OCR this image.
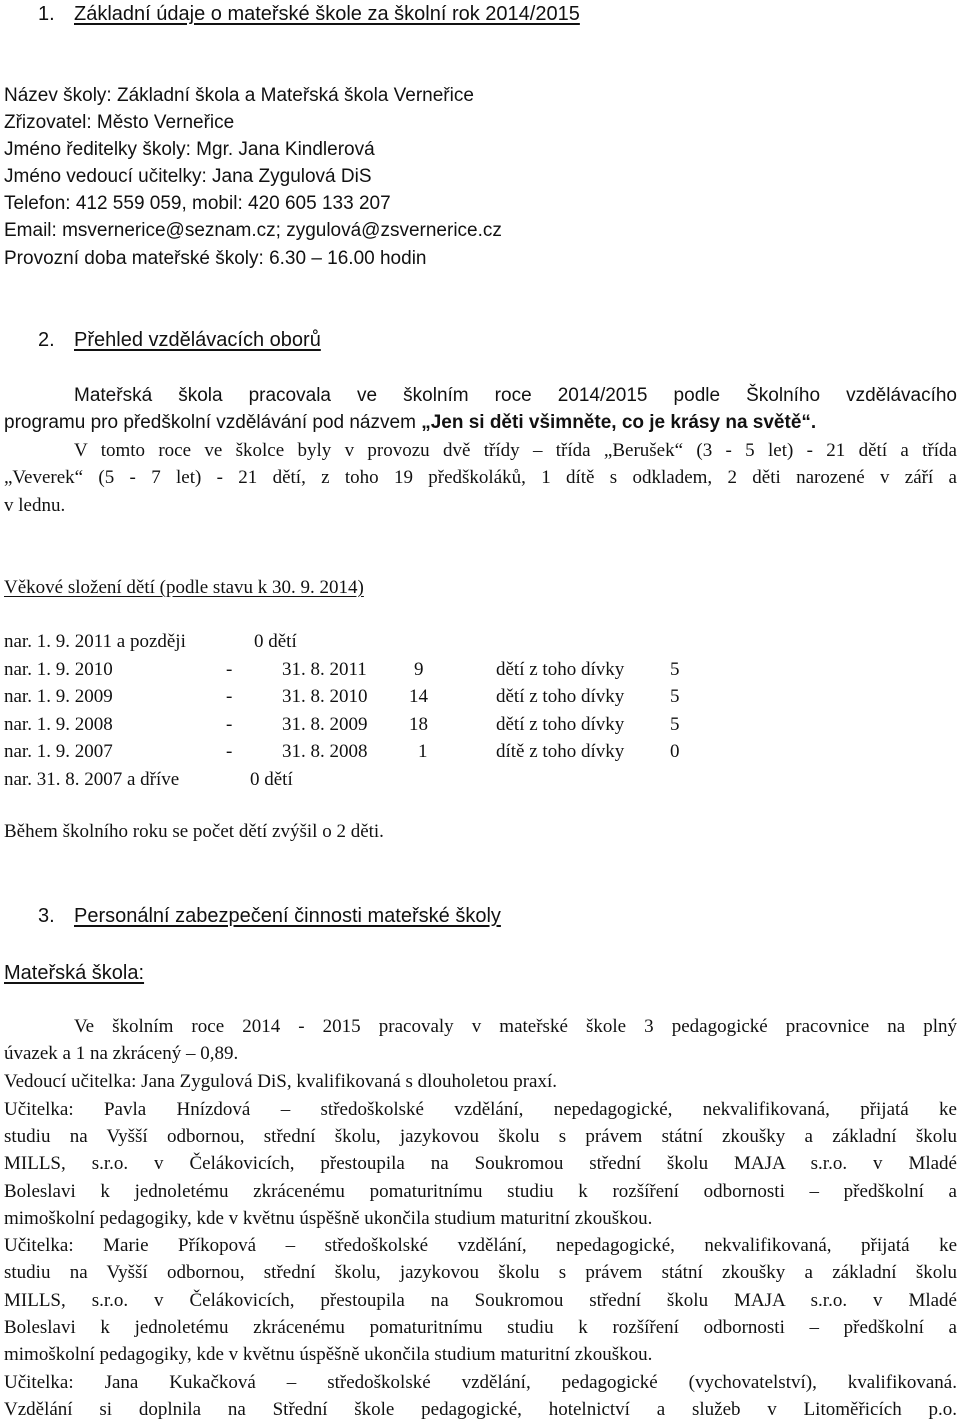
1. Základní údaje o mateřské škole za školní rok 2014/2015
Název školy: Základní škola a Mateřská škola Verneřice
Zřizovatel: Město Verneřice
Jméno ředitelky školy: Mgr. Jana Kindlerová
Jméno vedoucí učitelky: Jana Zygulová DiS
Telefon: 412 559 059, mobil: 420 605 133 207
Email: msvernerice@seznam.cz; zygulová@zsvernerice.cz
Provozní doba mateřské školy: 6.30 – 16.00 hodin
2. Přehled vzdělávacích oborů
Mateřská škola pracovala ve školním roce 2014/2015 podle Školního vzdělávacího
programu pro předškolní vzdělávání pod názvem „Jen si děti všimněte, co je krásy na světě“.
V tomto roce ve školce byly v provozu dvě třídy – třída „Berušek“ (3 - 5 let) - 21 dětí a třída
„Veverek“ (5 - 7 let) - 21 dětí, z toho 19 předškoláků, 1 dítě s odkladem, 2 děti narozené v září a
v lednu.
Věkové složení dětí (podle stavu k 30. 9. 2014)
nar. 1. 9. 2011 a později	0 dětí
nar. 1. 9. 2010	-	31. 8. 2011 9	dětí z toho dívky 5
nar. 1. 9. 2009	-	31. 8. 2010 14	dětí z toho dívky 5
nar. 1. 9. 2008	-	31. 8. 2009 18	dětí z toho dívky 5
nar. 1. 9. 2007	-	31. 8. 2008	1	dítě z toho dívky 0
nar. 31. 8. 2007 a dříve	0 dětí
Během školního roku se počet dětí zvýšil o 2 děti.
3. Personální zabezpečení činnosti mateřské školy
Mateřská škola:
Ve školním roce 2014 - 2015 pracovaly v mateřské škole 3 pedagogické pracovnice na plný
úvazek a 1 na zkrácený – 0,89.
Vedoucí učitelka: Jana Zygulová DiS, kvalifikovaná s dlouholetou praxí.
Učitelka: Pavla Hnízdová – středoškolské vzdělání, nepedagogické, nekvalifikovaná, přijatá ke
studiu na Vyšší odbornou, střední školu, jazykovou školu s právem státní zkoušky a základní školu
MILLS, s.r.o. v Čelákovicích, přestoupila na Soukromou střední školu MAJA s.r.o. v Mladé
Boleslavi k jednoletému zkrácenému pomaturitnímu studiu k rozšíření odbornosti – předškolní a
mimoškolní pedagogiky, kde v květnu úspěšně ukončila studium maturitní zkouškou.
Učitelka: Marie Příkopová – středoškolské vzdělání, nepedagogické, nekvalifikovaná, přijatá ke
studiu na Vyšší odbornou, střední školu, jazykovou školu s právem státní zkoušky a základní školu
MILLS, s.r.o. v Čelákovicích, přestoupila na Soukromou střední školu MAJA s.r.o. v Mladé
Boleslavi k jednoletému zkrácenému pomaturitnímu studiu k rozšíření odbornosti – předškolní a
mimoškolní pedagogiky, kde v květnu úspěšně ukončila studium maturitní zkouškou.
Učitelka: Jana Kukačková – středoškolské vzdělání, pedagogické (vychovatelství), kvalifikovaná.
Vzdělání si doplnila na Střední škole pedagogické, hotelnictví a služeb v Litoměřicích p.o.
